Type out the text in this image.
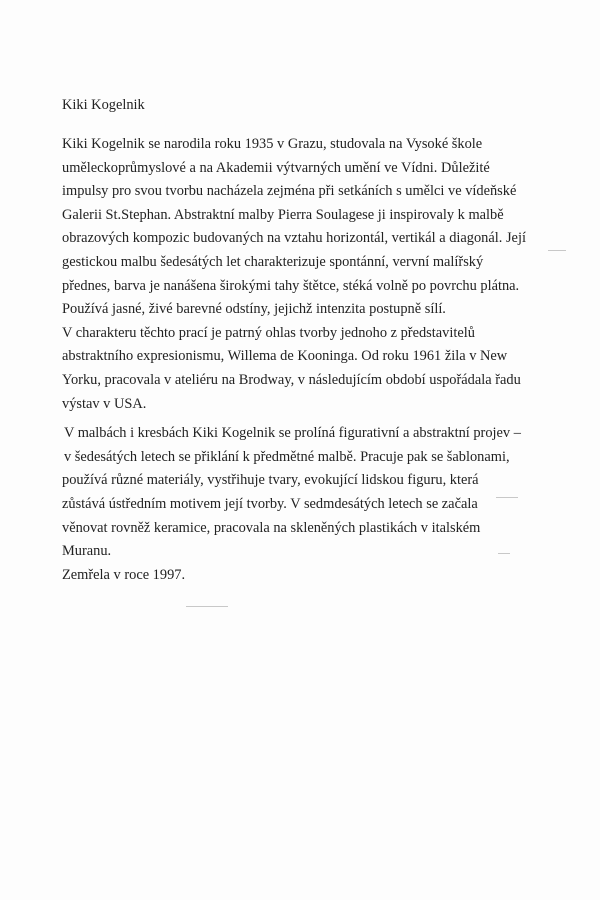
Kiki Kogelnik
Kiki Kogelnik se narodila roku 1935 v Grazu, studovala na Vysoké škole
uměleckoprůmyslové a na Akademii výtvarných umění ve Vídni. Důležité
impulsy pro svou tvorbu nacházela zejména při setkáních s umělci ve vídeňské
Galerii St.Stephan. Abstraktní malby Pierra Soulagese ji inspirovaly k malbě
obrazových kompozic budovaných na vztahu horizontál, vertikál a diagonál. Její
gestickou malbu šedesátých let charakterizuje spontánní, vervní malířský
přednes, barva je nanášena širokými tahy štětce, stéká volně po povrchu plátna.
Používá jasné, živé barevné odstíny, jejichž intenzita postupně sílí.
V charakteru těchto prací je patrný ohlas tvorby jednoho z představitelů
abstraktního expresionismu, Willema de Kooninga. Od roku 1961 žila v New
Yorku, pracovala v ateliéru na Brodway, v následujícím období uspořádala řadu
výstav v USA.
V malbách i kresbách Kiki Kogelnik se prolíná figurativní a abstraktní projev –
v šedesátých letech se přiklání k předmětné malbě. Pracuje pak se šablonami,
používá různé materiály, vystřihuje tvary, evokující lidskou figuru, která
zůstává ústředním motivem její tvorby. V sedmdesátých letech se začala
věnovat rovněž keramice, pracovala na skleněných plastikách v italském
Muranu.
Zemřela v roce 1997.
